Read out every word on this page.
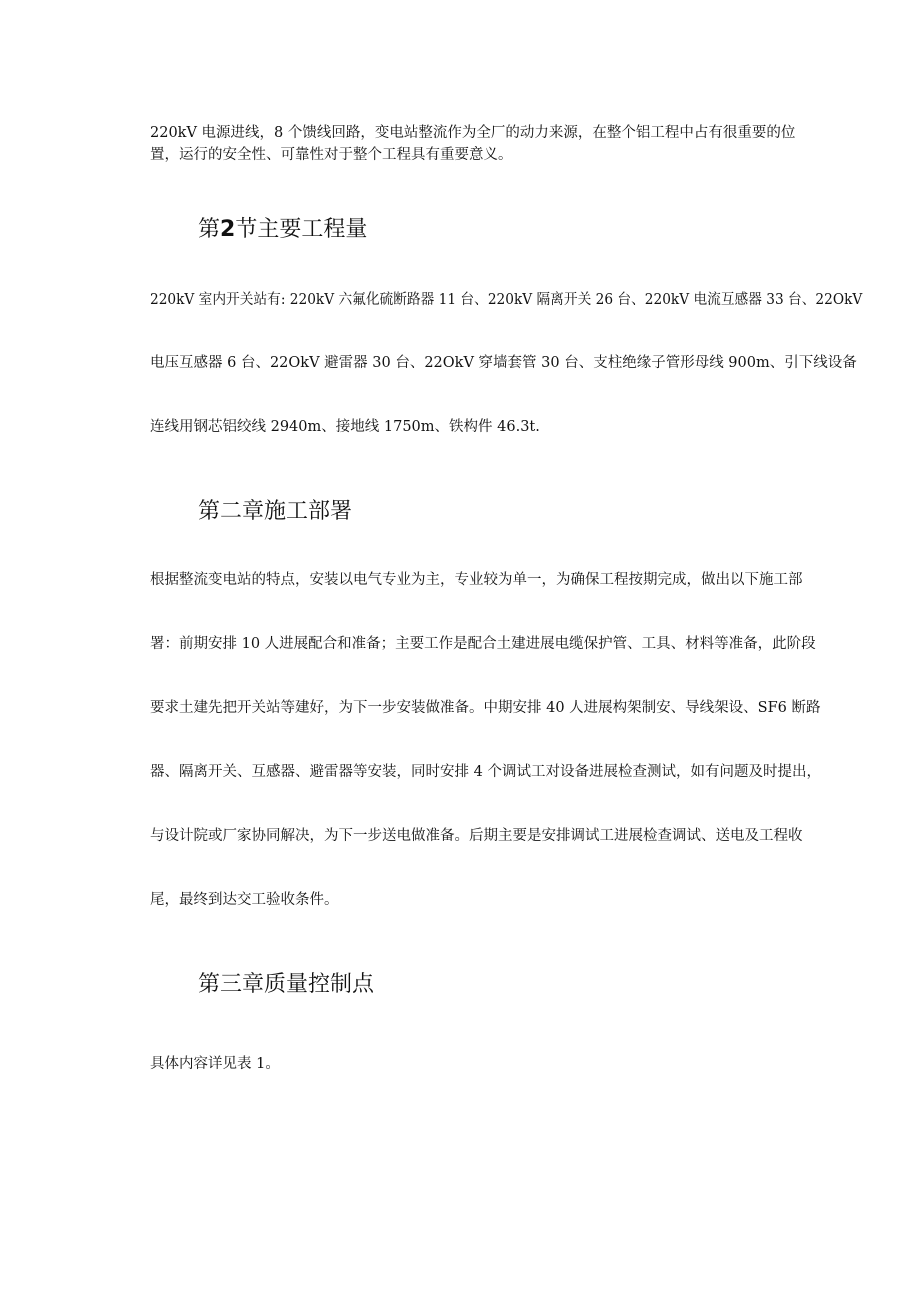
220kV 电源进线，8 个馈线回路，变电站整流作为全厂的动力来源，在整个铝工程中占有很重要的位
置，运行的安全性、可靠性对于整个工程具有重要意义。
第2节主要工程量
220kV 室内开关站有: 220kV 六氟化硫断路器 11 台、220kV 隔离开关 26 台、220kV 电流互感器 33 台、22OkV
电压互感器 6 台、22OkV 避雷器 30 台、22OkV 穿墙套管 30 台、支柱绝缘子管形母线 900m、引下线设备
连线用钢芯铝绞线 2940m、接地线 1750m、铁构件 46.3t.
第二章施工部署
根据整流变电站的特点，安装以电气专业为主，专业较为单一，为确保工程按期完成，做出以下施工部
署：前期安排 10 人进展配合和准备；主要工作是配合土建进展电缆保护管、工具、材料等准备，此阶段
要求土建先把开关站等建好，为下一步安装做准备。中期安排 40 人进展构架制安、导线架设、SF6 断路
器、隔离开关、互感器、避雷器等安装，同时安排 4 个调试工对设备进展检查测试，如有问题及时提出，
与设计院或厂家协同解决，为下一步送电做准备。后期主要是安排调试工进展检查调试、送电及工程收
尾，最终到达交工验收条件。
第三章质量控制点
具体内容详见表 1。
